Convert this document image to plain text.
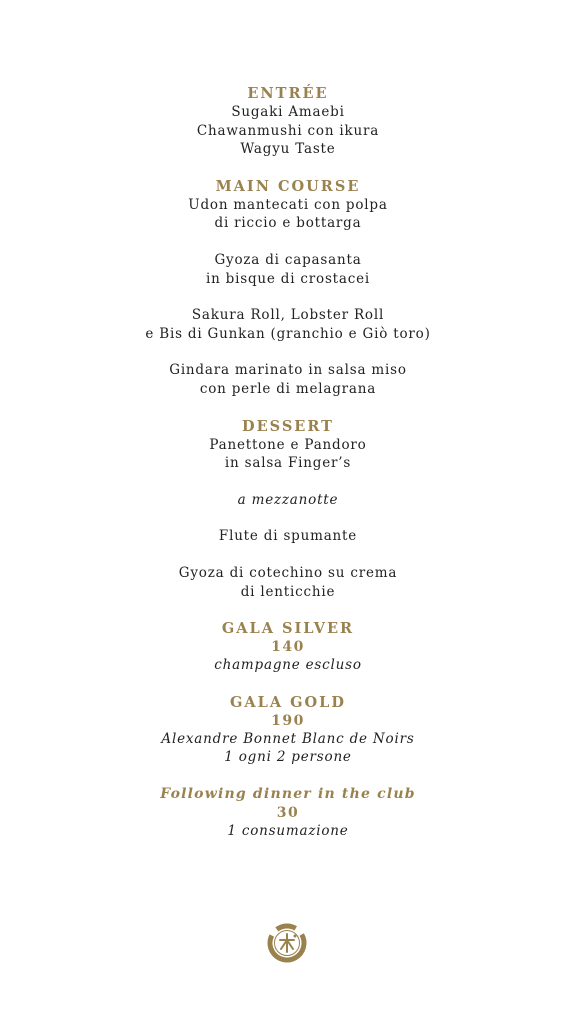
ENTRÉE

Sugaki Amaebi

Chawanmushi con ikura

Wagyu Taste

MAIN COURSE

Udon mantecati con polpa

di riccio e bottarga

Gyoza di capasanta

in bisque di crostacei

Sakura Roll, Lobster Roll

e Bis di Gunkan (granchio e Giò toro)

Gindara marinato in salsa miso

con perle di melagrana

DESSERT

Panettone e Pandoro

in salsa Finger’s

a mezzanotte

Flute di spumante

Gyoza di cotechino su crema

di lenticchie

GALA SILVER

140

champagne escluso

GALA GOLD

190

Alexandre Bonnet Blanc de Noirs

1 ogni 2 persone

Following dinner in the club

30

1 consumazione
